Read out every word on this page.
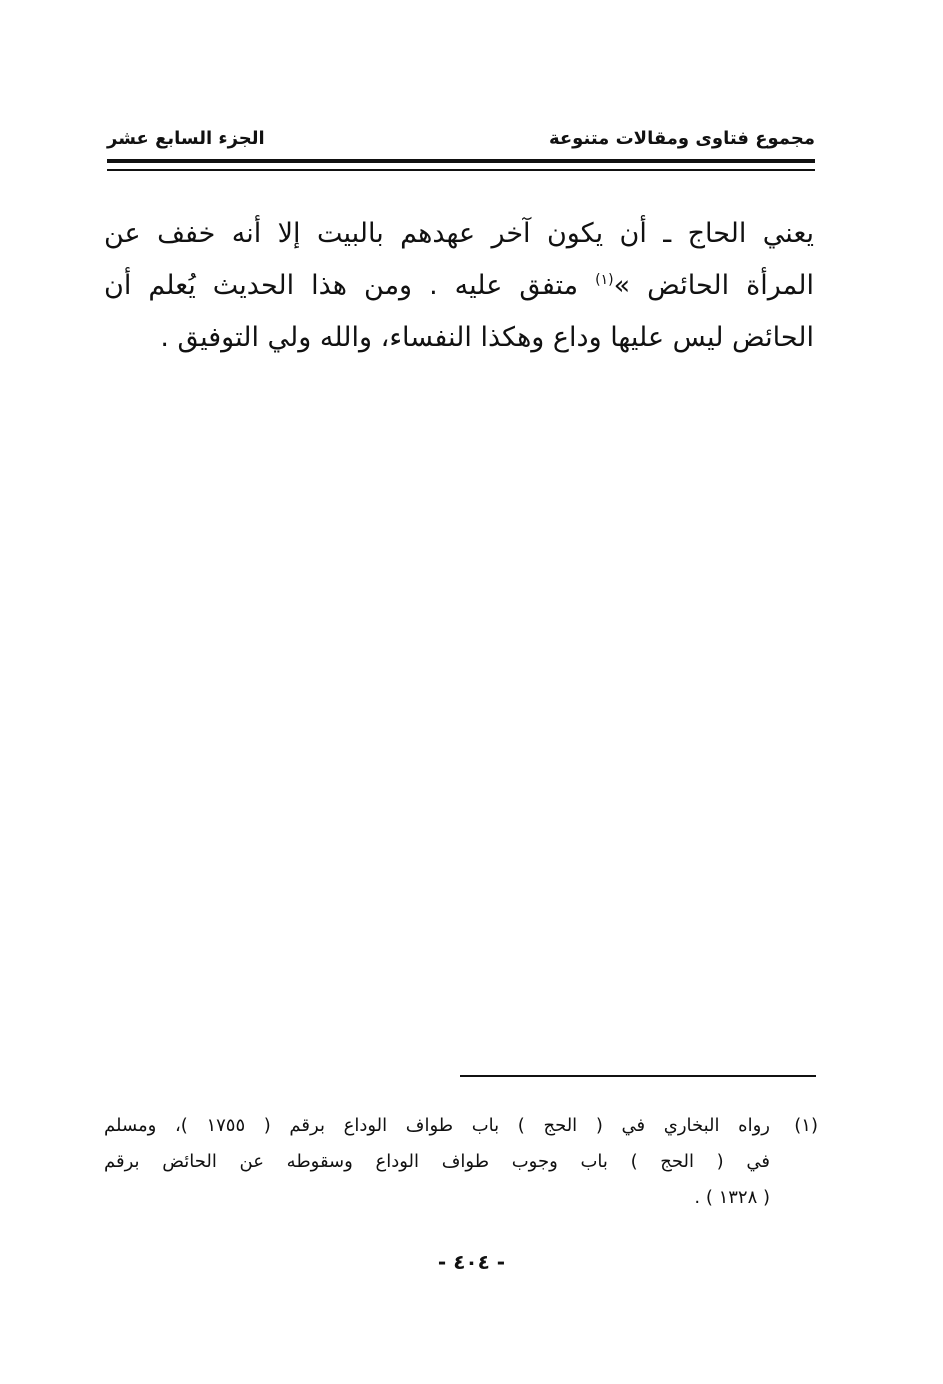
مجموع فتاوى ومقالات متنوعة
الجزء السابع عشر
يعني الحاج ـ أن يكون آخر عهدهم بالبيت إلا أنه خفف عن
المرأة الحائض »$^{(١)}$ متفق عليه . ومن هذا الحديث يُعلم أن
الحائض ليس عليها وداع وهكذا النفساء، والله ولي التوفيق .
(١)
رواه البخاري في ( الحج ) باب طواف الوداع برقم ( ١٧٥٥ )، ومسلم
في ( الحج ) باب وجوب طواف الوداع وسقوطه عن الحائض برقم
( ١٣٢٨ ) .
- ٤٠٤ -
